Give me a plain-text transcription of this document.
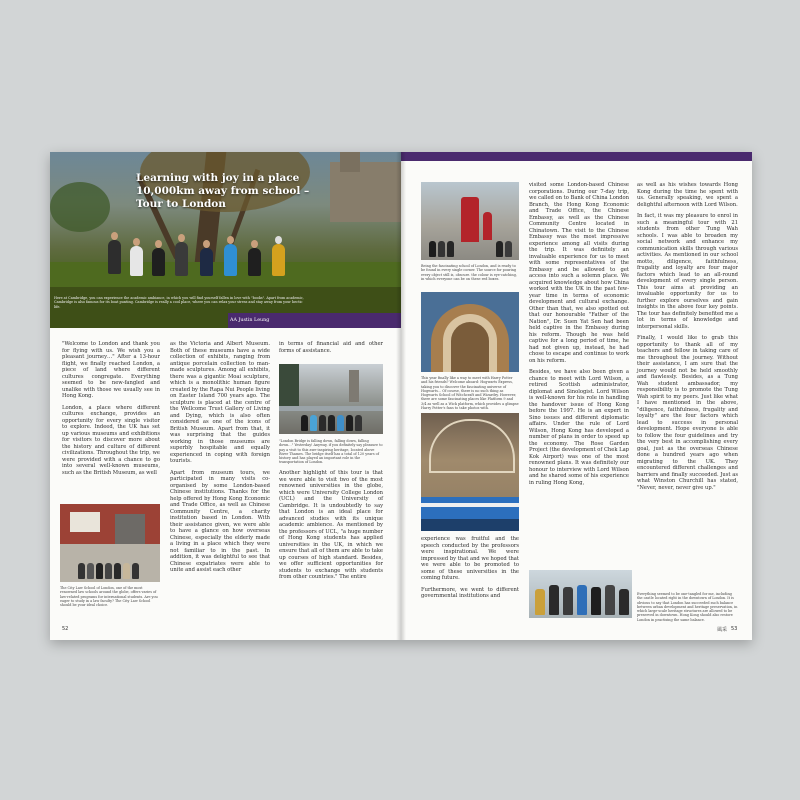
Learning with joy in a place 10,000km away from school – Tour to London
Here at Cambridge, you can experience the academic ambiance, in which you will find yourself fallen in love with "books". Apart from academic, Cambridge is also famous for its boat punting. Cambridge is really a cool place, where you can relax your stress and stay away from your hectic life.
AA Justin Leung

"Welcome to London and thank you for flying with us. We wish you a pleasant journey…" After a 13-hour flight, we finally reached London, a piece of land where different cultures congregate. Everything seemed to be new-fangled and unalike with those we usually see in Hong Kong.

London, a place where different cultures exchange, provides an opportunity for every single visitor to explore. Indeed, the UK has set up various museums and exhibitions for visitors to discover more about the history and culture of different civilizations. Throughout the trip, we were provided with a chance to go into several well-known museums, such as the British Museum, as well

The City Law School of London, one of the most renowned law schools around the globe, offers varies of law-related programs for international students. Are you eager to study in a law faculty? The City Law School should be your ideal choice.

as the Victoria and Albert Museum. Both of these museums have a wide collection of exhibits, ranging from antique porcelain collection to man-made sculptures. Among all exhibits, there was a gigantic Moai sculpture, which is a monolithic human figure created by the Rapa Nui People living on Easter Island 700 years ago. The sculpture is placed at the centre of the Wellcome Trust Gallery of Living and Dying, which is also often considered as one of the icons of British Museum. Apart from that, it was surprising that the guides working in those museums are superbly hospitable and equally experienced in coping with foreign tourists.

Apart from museum tours, we participated in many visits co-organised by some London-based Chinese institutions. Thanks for the help offered by Hong Kong Economic and Trade Office, as well as Chinese Community Centre, a charity institution based in London. With their assistance given, we were able to have a glance on how overseas Chinese, especially the elderly made a living in a place which they were not familiar to in the past. In addition, it was delightful to see that Chinese expatriates were able to unite and assist each other

in terms of financial aid and other forms of assistance.
"London Bridge is falling down, falling down, falling down…" Yesterday! Anyway, if you definitely say pleasure to pay a visit to this awe-inspiring heritage, located above River Thames. The bridge itself has a total of 120 years of history and has played an important role in the transportation of London.

Another highlight of this tour is that we were able to visit two of the most renowned universities in the globe, which were University College London (UCL) and the University of Cambridge. It is undoubtedly to say that London is an ideal place for advanced studies with its unique academic ambience. As mentioned by the professors of UCL, "a huge number of Hong Kong students has applied universities in the UK, in which we ensure that all of them are able to take up courses of high standard. Besides, we offer sufficient opportunities for students to exchange with students from other countries." The entire

52
Being the fascinating school of London, and is ready to be found in every single corner. The source for pouring every object still is, obscure. the colour is eye-catching, in which everyone can be on these red boxes.
This year finally like a way to meet with Harry Potter and his friends? Welcome aboard: Hogwarts Express, taking you to discover the fascinating universe of Hogwarts… Of course, there is no such thing as Hogwarts School of Witchcraft and Wizardry. However, there are some fascinating places like Platform 9 and 3/4 as well as a Wick platform, which provides a glimpse Harry Potter's fans to take photos with.

experience was fruitful and the speech conducted by the professors were inspirational. We were impressed by that and we hoped that we were able to be promoted to some of these universities in the coming future.

Furthermore, we went to different governmental institutions and

visited some London-based Chinese corporations. During our 7-day trip, we called on to Bank of China London Branch, the Hong Kong Economic and Trade Office, the Chinese Embassy, as well as the Chinese Community Centre located in Chinatown. The visit to the Chinese Embassy was the most impressive experience among all visits during the trip. It was definitely an invaluable experience for us to meet with some representatives of the Embassy and be allowed to get access into such a solemn place. We acquired knowledge about how China worked with the UK in the past few-year time in terms of economic development and cultural exchange. Other than that, we also spotted out that our honourable "Father of the Nation", Dr. Suen Yat Sen had been held captive in the Embassy during his reform. Though he was held captive for a long period of time, he had not given up, instead, he had chose to escape and continue to work on his reform.

Besides, we have also been given a chance to meet with Lord Wilson, a retired Scottish administrator, diplomat and Sinologist. Lord Wilson is well-known for his role in handling the handover issue of Hong Kong before the 1997. He is an expert in Sino issues and different diplomatic affairs. Under the rule of Lord Wilson, Hong Kong has developed a number of plans in order to speed up the economy. The Rose Garden Project (the development of Chek Lap Kok Airport) was one of the most renowned plans. It was definitely our honour to interview with Lord Wilson and he shared some of his experience in ruling Hong Kong,

as well as his wishes towards Hong Kong during the time he spent with us. Generally speaking, we spent a delightful afternoon with Lord Wilson.

In fact, it was my pleasure to enrol in such a meaningful tour with 21 students from other Tung Wah schools. I was able to broaden my social network and enhance my communication skills through various activities. As mentioned in our school motto, diligence, faithfulness, frugality and loyalty are four major factors which lead to an all-round development of every single person. This tour aims at providing an invaluable opportunity for us to further explore ourselves and gain insights in the above four key points. The tour has definitely benefited me a lot in terms of knowledge and interpersonal skills.

Finally, I would like to grab this opportunity to thank all of my teachers and fellow in taking care of me throughout the journey. Without their assistance, I am sure that the journey would not be held smoothly and flawlessly. Besides, as a Tung Wah student ambassador, my responsibility is to promote the Tung Wah spirit to my peers. Just like what I have mentioned in the above, "diligence, faithfulness, frugality and loyalty" are the four factors which lead to success in personal development. Hope everyone is able to follow the four guidelines and try the very best in accomplishing every goal, just as the overseas Chinese done a hundred years ago when migrating to the UK. They encountered different challenges and barriers and finally succeeded. Just as what Winston Churchill has stated, "Never, never, never give up."

Everything seemed to be one-tangled for me, including the castle located right in the downtown of London. It is obvious to say that London has succeeded such balance between urban development and heritage preservation, in which large-scale heritage structures are allowed to be preserved in downtown. Hong Kong should also restore London in practising the same balance.
風采 53
